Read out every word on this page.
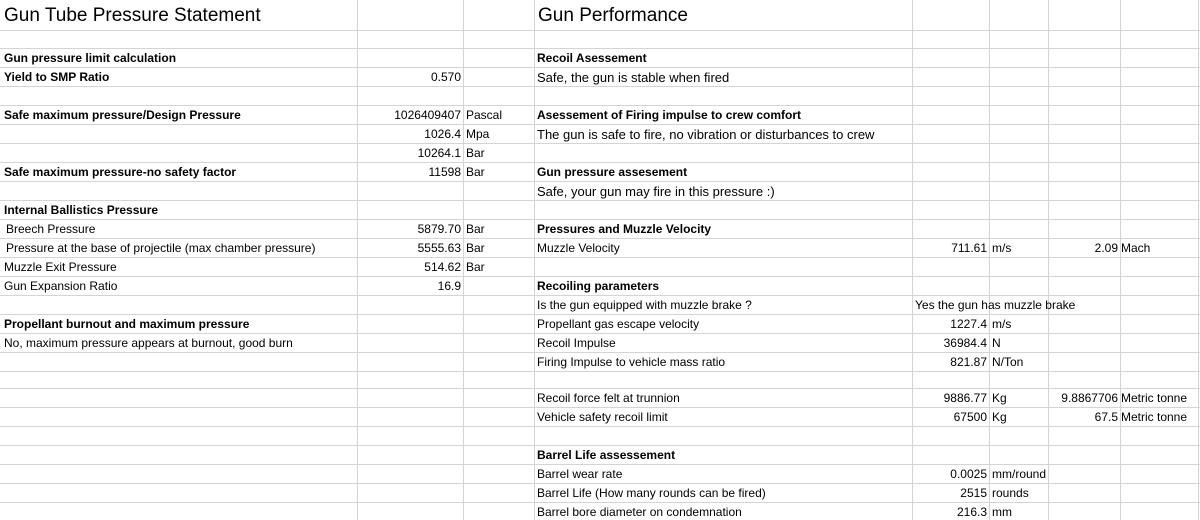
Gun Tube Pressure Statement
Gun pressure limit calculation
Yield to SMP Ratio	0.570
Safe maximum pressure/Design Pressure	1026409407 Pascal
1026.4 Mpa
10264.1 Bar
Safe maximum pressure-no safety factor	11598 Bar
Internal Ballistics Pressure
Breech Pressure	5879.70 Bar
Pressure at the base of projectile (max chamber pressure)	5555.63 Bar
Muzzle Exit Pressure	514.62 Bar
Gun Expansion Ratio	16.9
Propellant burnout and maximum pressure
No, maximum pressure appears at burnout, good burn
Gun Performance
Recoil Asessement
Safe, the gun is stable when fired
Asessement of Firing impulse to crew comfort
The gun is safe to fire, no vibration or disturbances to crew
Gun pressure assesement
Safe, your gun may fire in this pressure :)
Pressures and Muzzle Velocity
Muzzle Velocity	711.61 m/s	2.09 Mach
Recoiling parameters
Is the gun equipped with muzzle brake ?	Yes the gun has muzzle brake
Propellant gas escape velocity	1227.4 m/s
Recoil Impulse	36984.4 N
Firing Impulse to vehicle mass ratio	821.87 N/Ton
Recoil force felt at trunnion	9886.77 Kg	9.8867706 Metric tonne
Vehicle safety recoil limit	67500 Kg	67.5 Metric tonne
Barrel Life assessement
Barrel wear rate	0.0025 mm/round
Barrel Life (How many rounds can be fired)	2515 rounds
Barrel bore diameter on condemnation	216.3 mm
